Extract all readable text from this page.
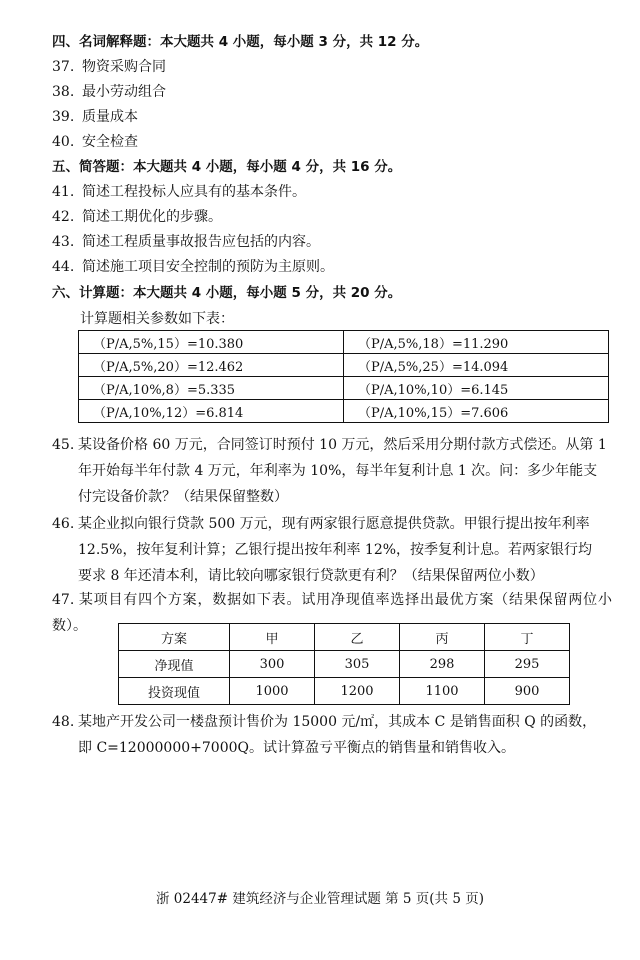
四、名词解释题：本大题共 4 小题，每小题 3 分，共 12 分。
37. 物资采购合同
38. 最小劳动组合
39. 质量成本
40. 安全检查
五、简答题：本大题共 4 小题，每小题 4 分，共 16 分。
41. 简述工程投标人应具有的基本条件。
42. 简述工期优化的步骤。
43. 简述工程质量事故报告应包括的内容。
44. 简述施工项目安全控制的预防为主原则。
六、计算题：本大题共 4 小题，每小题 5 分，共 20 分。
计算题相关参数如下表：
（P/A,5%,15）=10.380	（P/A,5%,18）=11.290
（P/A,5%,20）=12.462	（P/A,5%,25）=14.094
（P/A,10%,8）=5.335	（P/A,10%,10）=6.145
（P/A,10%,12）=6.814	（P/A,10%,15）=7.606
45. 某设备价格 60 万元，合同签订时预付 10 万元，然后采用分期付款方式偿还。从第 1
年开始每半年付款 4 万元，年利率为 10%，每半年复利计息 1 次。问：多少年能支
付完设备价款？（结果保留整数）
46. 某企业拟向银行贷款 500 万元，现有两家银行愿意提供贷款。甲银行提出按年利率
12.5%，按年复利计算；乙银行提出按年利率 12%，按季复利计息。若两家银行均
要求 8 年还清本利，请比较向哪家银行贷款更有利？（结果保留两位小数）
47. 某项目有四个方案，数据如下表。试用净现值率选择出最优方案（结果保留两位小数）。
方案	甲	乙	丙	丁
净现值	300	305	298	295
投资现值	1000	1200	1100	900
48. 某地产开发公司一楼盘预计售价为 15000 元/㎡，其成本 C 是销售面积 Q 的函数，
即 C=12000000+7000Q。试计算盈亏平衡点的销售量和销售收入。
浙 02447# 建筑经济与企业管理试题 第 5 页(共 5 页)
